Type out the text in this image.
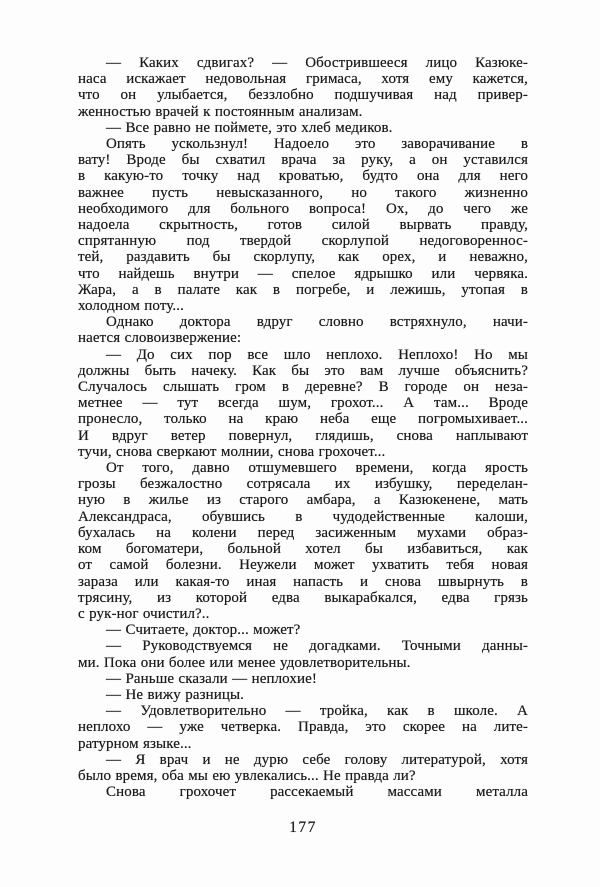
— Каких сдвигах? — Обострившееся лицо Казюке-
наса искажает недовольная гримаса, хотя ему кажется,
что он улыбается, беззлобно подшучивая над привер-
женностью врачей к постоянным анализам.
— Все равно не поймете, это хлеб медиков.
Опять ускользнул! Надоело это заворачивание в
вату! Вроде бы схватил врача за руку, а он уставился
в какую-то точку над кроватью, будто она для него
важнее пусть невысказанного, но такого жизненно
необходимого для больного вопроса! Ох, до чего же
надоела скрытность, готов силой вырвать правду,
спрятанную под твердой скорлупой недоговореннос-
тей, раздавить бы скорлупу, как орех, и неважно,
что найдешь внутри — спелое ядрышко или червяка.
Жара, а в палате как в погребе, и лежишь, утопая в
холодном поту...
Однако доктора вдруг словно встряхнуло, начи-
нается словоизвержение:
— До сих пор все шло неплохо. Неплохо! Но мы
должны быть начеку. Как бы это вам лучше объяснить?
Случалось слышать гром в деревне? В городе он неза-
метнее — тут всегда шум, грохот... А там... Вроде
пронесло, только на краю неба еще погромыхивает...
И вдруг ветер повернул, глядишь, снова наплывают
тучи, снова сверкают молнии, снова грохочет...
От того, давно отшумевшего времени, когда ярость
грозы безжалостно сотрясала их избушку, переделан-
ную в жилье из старого амбара, а Казюкенене, мать
Александраса, обувшись в чудодейственные калоши,
бухалась на колени перед засиженным мухами образ-
ком богоматери, больной хотел бы избавиться, как
от самой болезни. Неужели может ухватить тебя новая
зараза или какая-то иная напасть и снова швырнуть в
трясину, из которой едва выкарабкался, едва грязь
с рук-ног очистил?..
— Считаете, доктор... может?
— Руководствуемся не догадками. Точными данны-
ми. Пока они более или менее удовлетворительны.
— Раньше сказали — неплохие!
— Не вижу разницы.
— Удовлетворительно — тройка, как в школе. А
неплохо — уже четверка. Правда, это скорее на лите-
ратурном языке...
— Я врач и не дурю себе голову литературой, хотя
было время, оба мы ею увлекались... Не правда ли?
Снова грохочет рассекаемый массами металла
177
